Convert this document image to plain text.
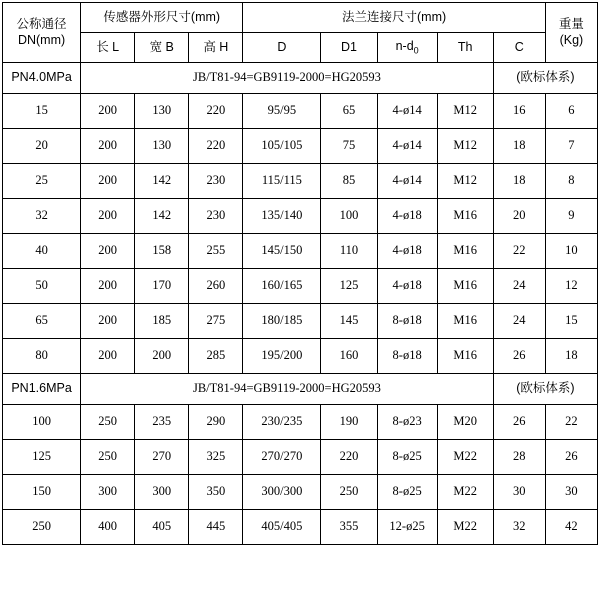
公称通径
DN(mm)	传感器外形尺寸(mm)			法兰连接尺寸(mm)					重量
(Kg)

	长 L	宽 B	高 H	D	D1	$n-d_0$	Th	C	
PN4.0MPa	JB/T81-94=GB9119-2000=HG20593							(欧标体系)	
15	200	130	220	95/95	65	4-ø14	M12	16	6
20	200	130	220	105/105	75	4-ø14	M12	18	7
25	200	142	230	115/115	85	4-ø14	M12	18	8
32	200	142	230	135/140	100	4-ø18	M16	20	9
40	200	158	255	145/150	110	4-ø18	M16	22	10
50	200	170	260	160/165	125	4-ø18	M16	24	12
65	200	185	275	180/185	145	8-ø18	M16	24	15
80	200	200	285	195/200	160	8-ø18	M16	26	18
PN1.6MPa	JB/T81-94=GB9119-2000=HG20593							(欧标体系)	
100	250	235	290	230/235	190	8-ø23	M20	26	22
125	250	270	325	270/270	220	8-ø25	M22	28	26
150	300	300	350	300/300	250	8-ø25	M22	30	30
250	400	405	445	405/405	355	12-ø25	M22	32	42
